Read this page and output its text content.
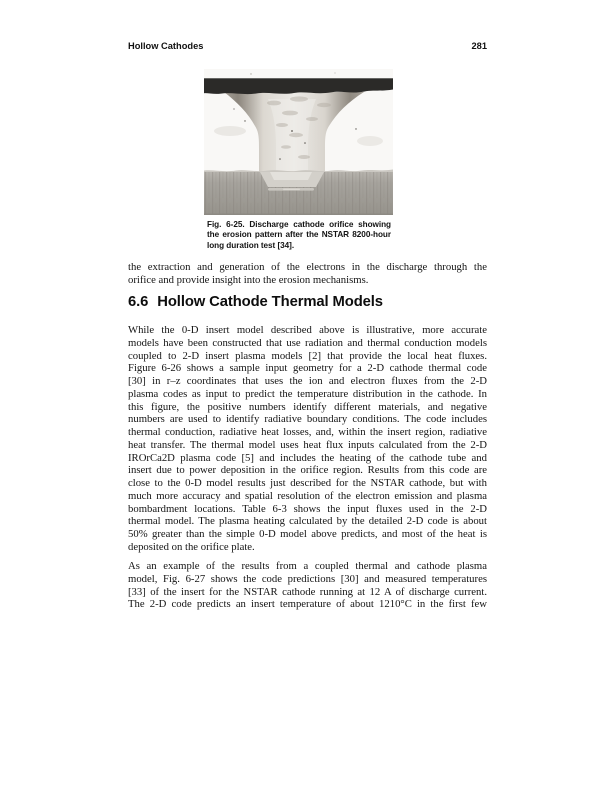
Hollow Cathodes	281
Fig. 6-25. Discharge cathode orifice showing
the erosion pattern after the NSTAR 8200-hour
long duration test [34].
the extraction and generation of the electrons in the discharge through the
orifice and provide insight into the erosion mechanisms.
6.6 Hollow Cathode Thermal Models
While the 0-D insert model described above is illustrative, more accurate
models have been constructed that use radiation and thermal conduction models
coupled to 2-D insert plasma models [2] that provide the local heat fluxes.
Figure 6-26 shows a sample input geometry for a 2-D cathode thermal code
[30] in r–z coordinates that uses the ion and electron fluxes from the 2-D
plasma codes as input to predict the temperature distribution in the cathode. In
this figure, the positive numbers identify different materials, and negative
numbers are used to identify radiative boundary conditions. The code includes
thermal conduction, radiative heat losses, and, within the insert region, radiative
heat transfer. The thermal model uses heat flux inputs calculated from the 2-D
IROrCa2D plasma code [5] and includes the heating of the cathode tube and
insert due to power deposition in the orifice region. Results from this code are
close to the 0-D model results just described for the NSTAR cathode, but with
much more accuracy and spatial resolution of the electron emission and plasma
bombardment locations. Table 6-3 shows the input fluxes used in the 2-D
thermal model. The plasma heating calculated by the detailed 2-D code is about
50% greater than the simple 0-D model above predicts, and most of the heat is
deposited on the orifice plate.
As an example of the results from a coupled thermal and cathode plasma
model, Fig. 6-27 shows the code predictions [30] and measured temperatures
[33] of the insert for the NSTAR cathode running at 12 A of discharge current.
The 2-D code predicts an insert temperature of about 1210°C in the first few
